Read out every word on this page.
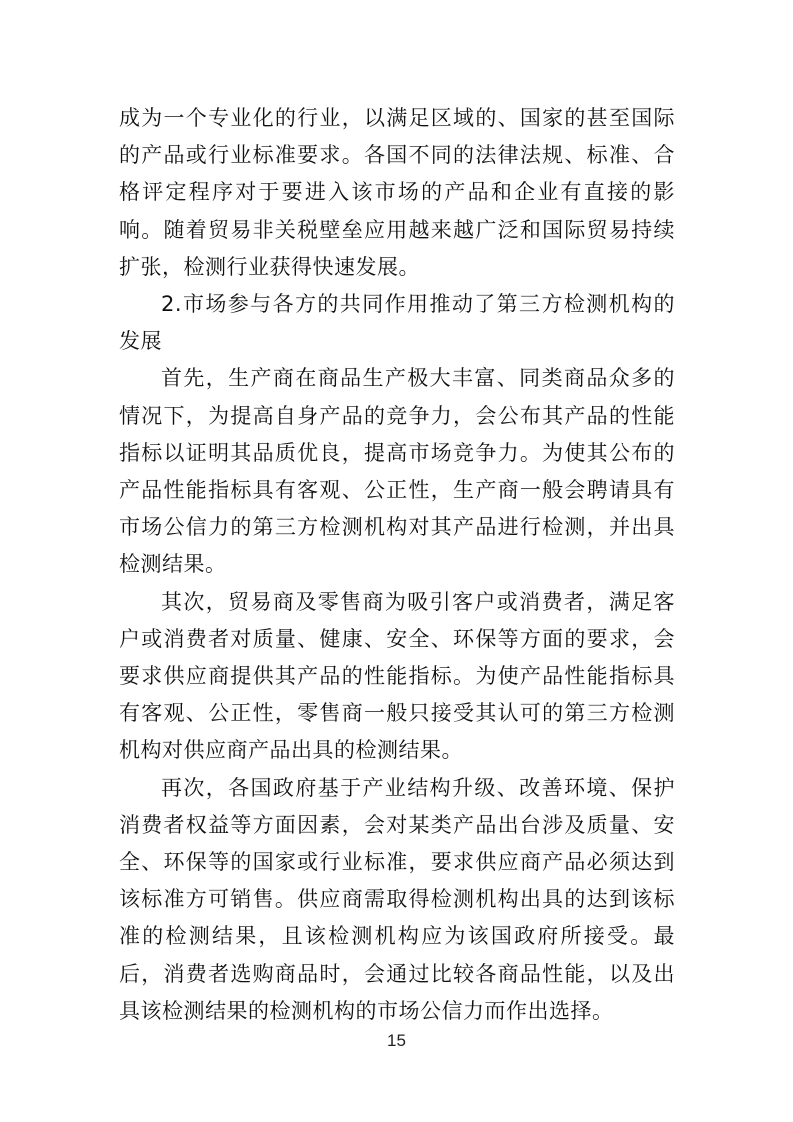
成为一个专业化的行业，以满足区域的、国家的甚至国际的产品或行业标准要求。各国不同的法律法规、标准、合格评定程序对于要进入该市场的产品和企业有直接的影响。随着贸易非关税壁垒应用越来越广泛和国际贸易持续扩张，检测行业获得快速发展。

2.市场参与各方的共同作用推动了第三方检测机构的发展

首先，生产商在商品生产极大丰富、同类商品众多的情况下，为提高自身产品的竞争力，会公布其产品的性能指标以证明其品质优良，提高市场竞争力。为使其公布的产品性能指标具有客观、公正性，生产商一般会聘请具有市场公信力的第三方检测机构对其产品进行检测，并出具检测结果。

其次，贸易商及零售商为吸引客户或消费者，满足客户或消费者对质量、健康、安全、环保等方面的要求，会要求供应商提供其产品的性能指标。为使产品性能指标具有客观、公正性，零售商一般只接受其认可的第三方检测机构对供应商产品出具的检测结果。

再次，各国政府基于产业结构升级、改善环境、保护消费者权益等方面因素，会对某类产品出台涉及质量、安全、环保等的国家或行业标准，要求供应商产品必须达到该标准方可销售。供应商需取得检测机构出具的达到该标准的检测结果，且该检测机构应为该国政府所接受。最后，消费者选购商品时，会通过比较各商品性能，以及出具该检测结果的检测机构的市场公信力而作出选择。

15
